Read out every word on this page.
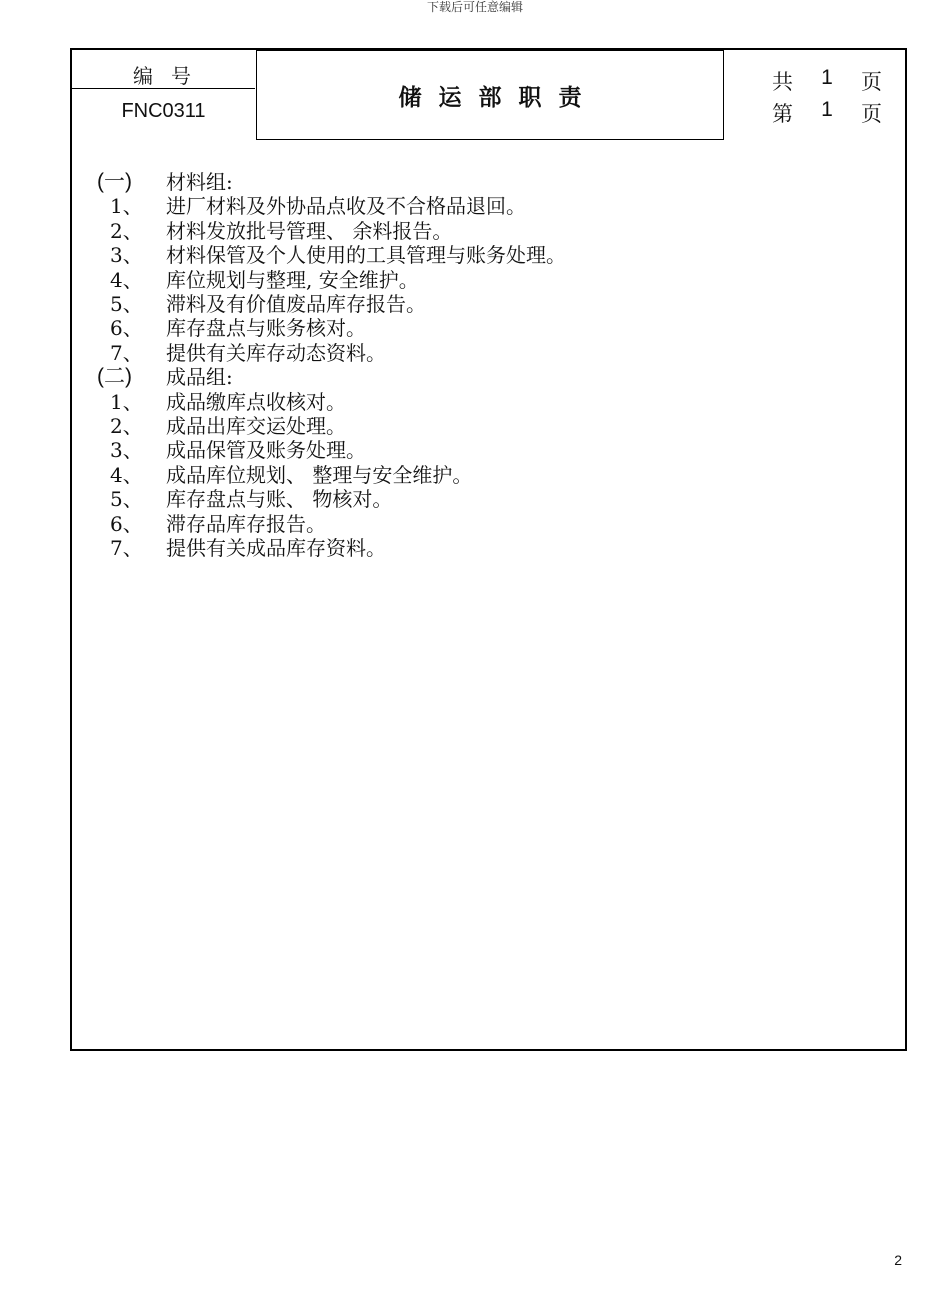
下载后可任意编辑
编号
FNC0311
储运部职责
共 1 页
第 1 页
(一)	材料组:
1、	进厂材料及外协品点收及不合格品退回。
2、	材料发放批号管理、 余料报告。
3、	材料保管及个人使用的工具管理与账务处理。
4、	库位规划与整理, 安全维护。
5、	滞料及有价值废品库存报告。
6、	库存盘点与账务核对。
7、	提供有关库存动态资料。
(二)	成品组:
1、	成品缴库点收核对。
2、	成品出库交运处理。
3、	成品保管及账务处理。
4、	成品库位规划、 整理与安全维护。
5、	库存盘点与账、 物核对。
6、	滞存品库存报告。
7、	提供有关成品库存资料。
2
